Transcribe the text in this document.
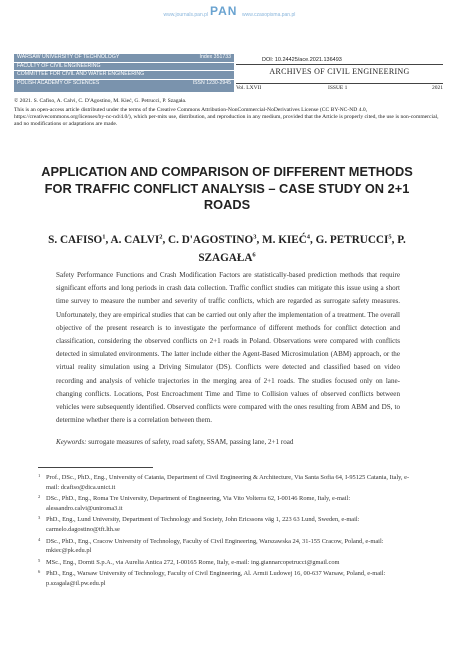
www.journals.pan.pl PAN www.czasopisma.pan.pl
WARSAW UNIVERSITY OF TECHNOLOGY	Index 351733
FACULTY OF CIVIL ENGINEERING
COMMITTEE FOR CIVIL AND WATER ENGINEERING
POLISH ACADEMY OF SCIENCES	ISSN 1230-2945
DOI: 10.24425/ace.2021.136493
ARCHIVES OF CIVIL ENGINEERING
Vol. LXVII	ISSUE 1	2021
© 2021. S. Cafiso, A. Calvi, C. D'Agostino, M. Kieć, G. Petrucci, P. Szagała.
This is an open-access article distributed under the terms of the Creative Commons Attribution-NonCommercial-NoDerivatives License (CC BY-NC-ND 4.0, https://creativecommons.org/licenses/by-nc-nd/4.0/), which per-mits use, distribution, and reproduction in any medium, provided that the Article is properly cited, the use is non-commercial, and no modifications or adaptations are made.
APPLICATION AND COMPARISON OF DIFFERENT METHODS FOR TRAFFIC CONFLICT ANALYSIS – CASE STUDY ON 2+1 ROADS
S. CAFISO$^1$, A. CALVI$^2$, C. D'AGOSTINO$^3$, M. KIEĆ$^4$, G. PETRUCCI$^5$, P. SZAGAŁA$^6$
Safety Performance Functions and Crash Modification Factors are statistically-based prediction methods that require significant efforts and long periods in crash data collection. Traffic conflict studies can mitigate this issue using a short time survey to measure the number and severity of traffic conflicts, which are regarded as surrogate safety measures. Unfortunately, they are empirical studies that can be carried out only after the implementation of a treatment. The overall objective of the present research is to investigate the performance of different methods for conflict detection and classification, considering the observed conflicts on 2+1 roads in Poland. Observations were compared with conflicts detected in simulated environments. The latter include either the Agent-Based Microsimulation (ABM) approach, or the virtual reality simulation using a Driving Simulator (DS). Conflicts were detected and classified based on video recording and analysis of vehicle trajectories in the merging area of 2+1 roads. The studies focused only on lane-changing conflicts. Locations, Post Encroachment Time and Time to Collision values of observed conflicts between vehicles were subsequently identified. Observed conflicts were compared with the ones resulting from ABM and DS, to determine whether there is a correlation between them.
Keywords: surrogate measures of safety, road safety, SSAM, passing lane, 2+1 road
1 Prof., DSc., PhD., Eng., University of Catania, Department of Civil Engineering & Architecture, Via Santa Sofia 64, I-95125 Catania, Italy, e-mail: dcafiso@dica.unict.it
2 DSc., PhD., Eng., Roma Tre University, Department of Engineering, Via Vito Volterra 62, I-00146 Rome, Italy, e-mail: alessandro.calvi@uniroma3.it
3 PhD., Eng., Lund University, Department of Technology and Society, John Ericssons väg 1, 223 63 Lund, Sweden, e-mail: carmelo.dagostino@tft.lth.se
4 DSc., PhD., Eng., Cracow University of Technology, Faculty of Civil Engineering, Warszawska 24, 31-155 Cracow, Poland, e-mail: mkiec@pk.edu.pl
5 MSc., Eng., Dornti S.p.A., via Aurelia Antica 272, I-00165 Rome, Italy, e-mail: ing.giannarcopetrucci@gmail.com
6 PhD., Eng., Warsaw University of Technology, Faculty of Civil Engineering, Al. Armii Ludowej 16, 00-637 Warsaw, Poland, e-mail: p.szagala@il.pw.edu.pl
